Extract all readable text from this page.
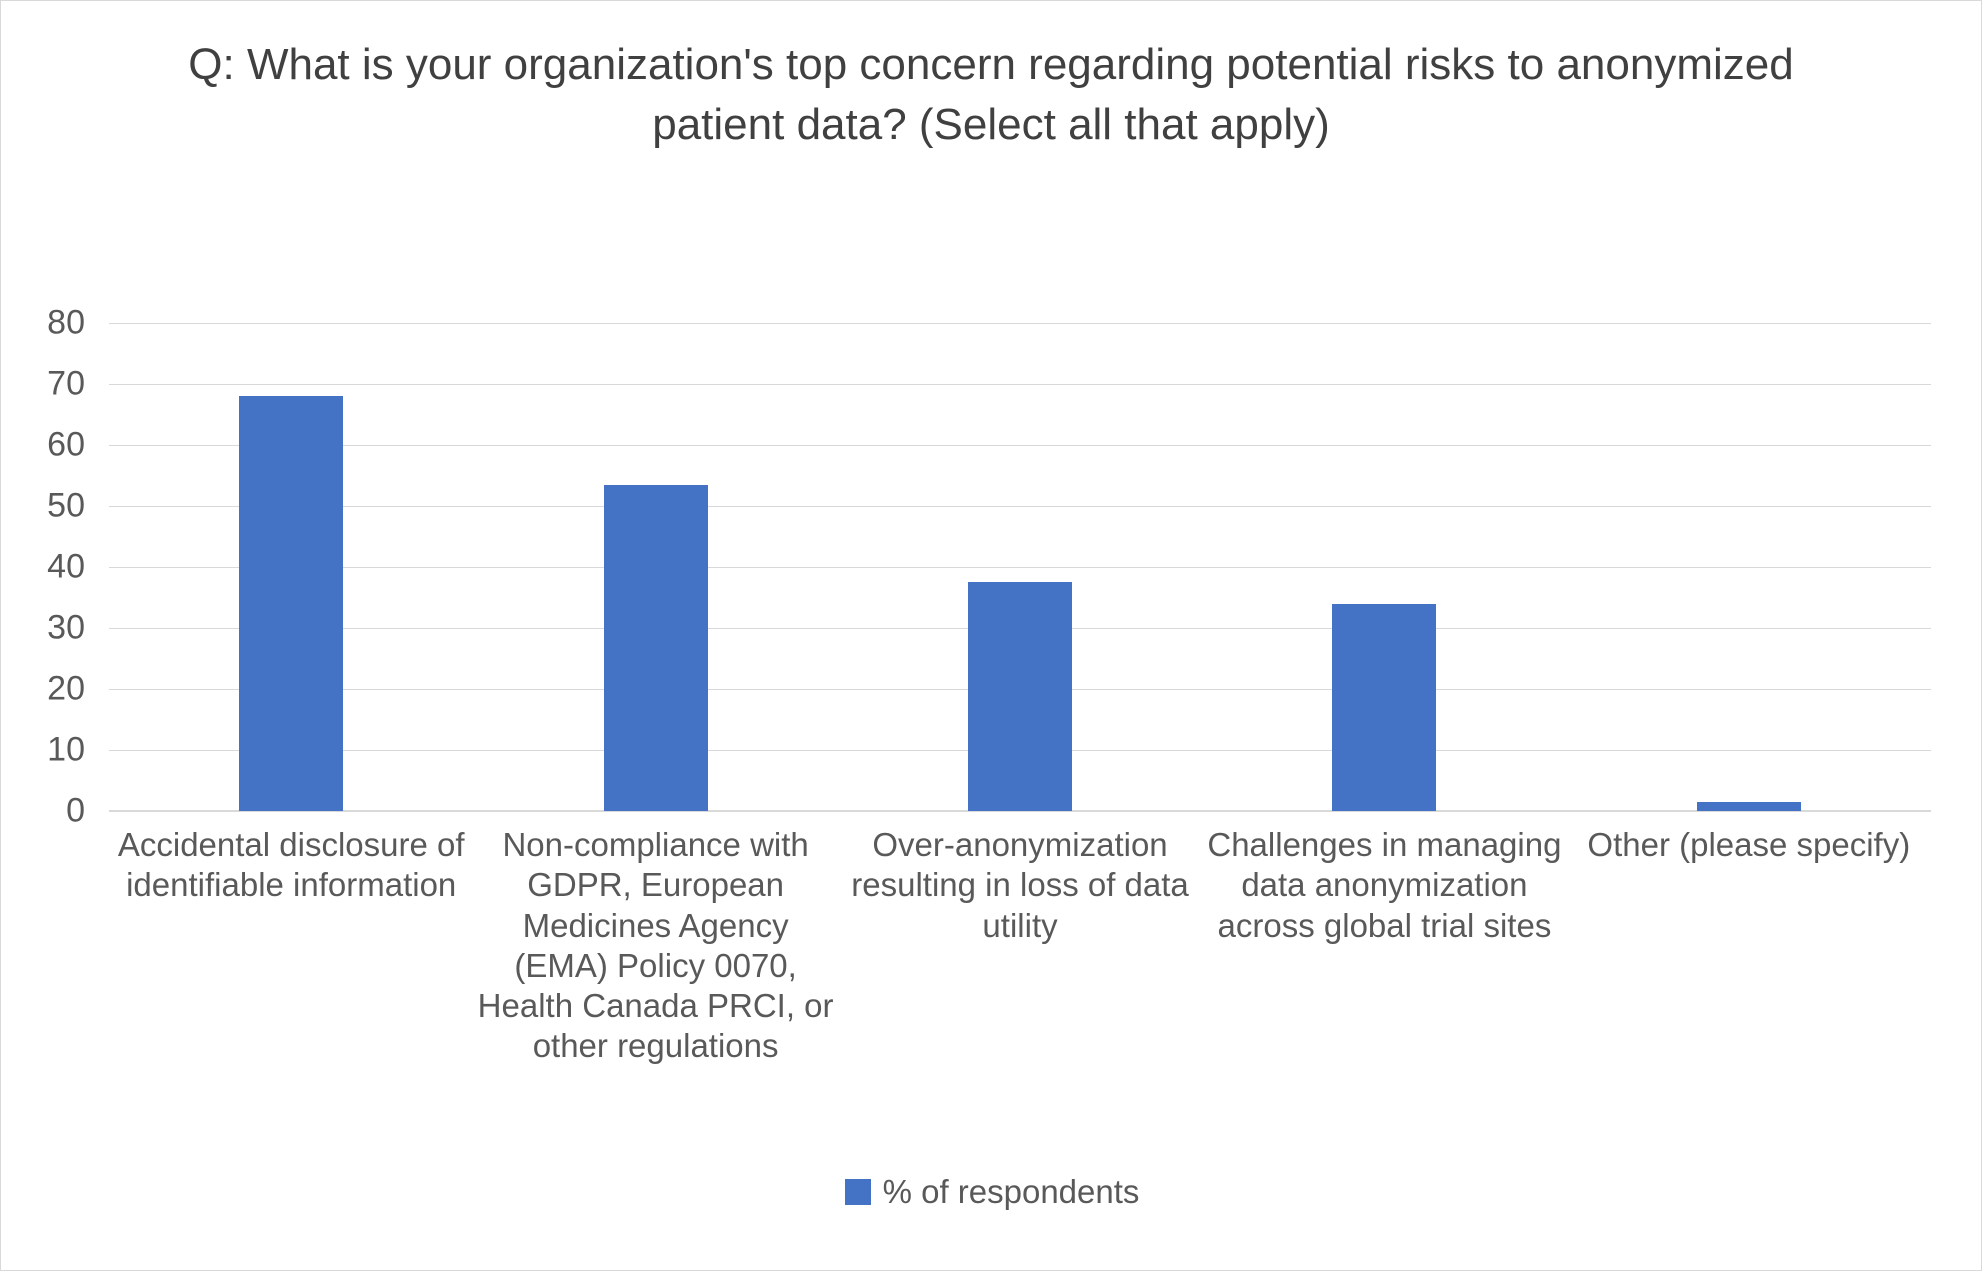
Q: What is your organization's top concern regarding potential risks to anonymized patient data? (Select all that apply)
80
70
60
50
40
30
20
10
0
Accidental disclosure of identifiable information
Non-compliance with GDPR, European Medicines Agency (EMA) Policy 0070, Health Canada PRCI, or other regulations
Over-anonymization resulting in loss of data utility
Challenges in managing data anonymization across global trial sites
Other (please specify)
% of respondents
